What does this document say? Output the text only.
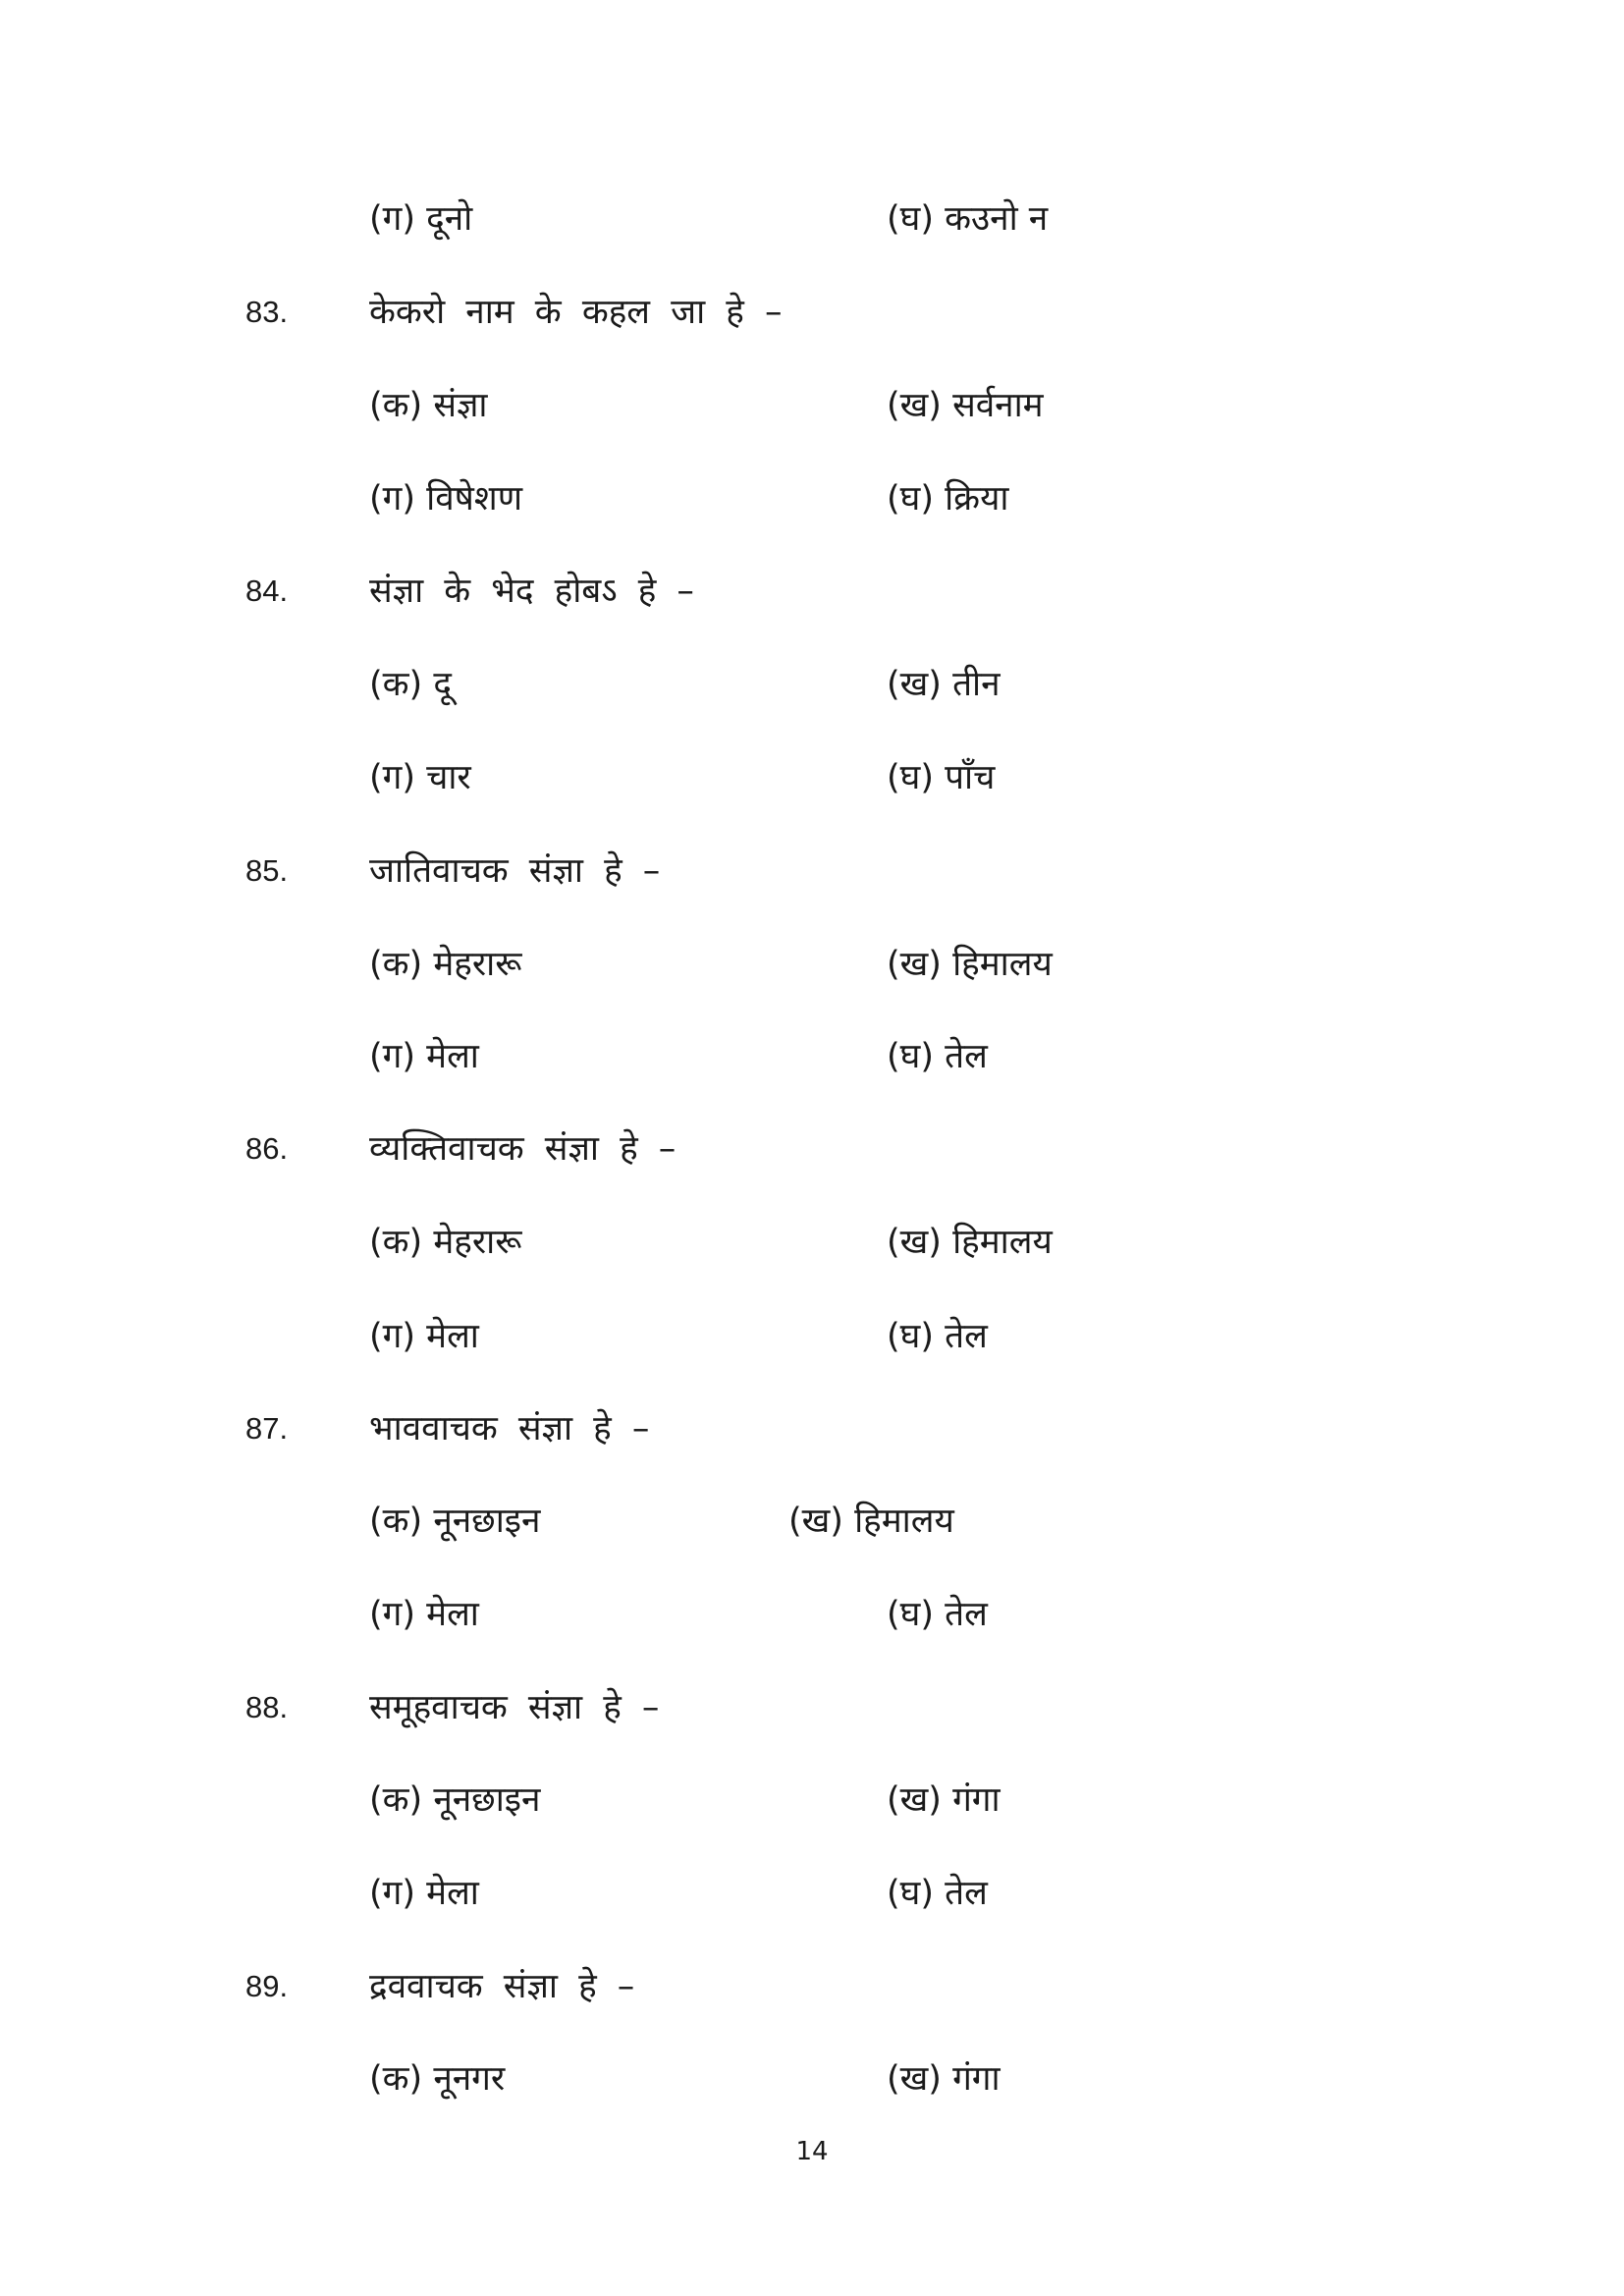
(ग) दूनो	(घ) कउनो न
83. केकरो नाम के कहल जा हे –
(क) संज्ञा	(ख) सर्वनाम
(ग) विषेशण	(घ) क्रिया
84. संज्ञा के भेद होबऽ हे –
(क) दू	(ख) तीन
(ग) चार	(घ) पाँच
85. जातिवाचक संज्ञा हे –
(क) मेहरारू	(ख) हिमालय
(ग) मेला	(घ) तेल
86. व्यक्तिवाचक संज्ञा हे –
(क) मेहरारू	(ख) हिमालय
(ग) मेला	(घ) तेल
87. भाववाचक संज्ञा हे –
(क) नूनछाइन	(ख) हिमालय
(ग) मेला	(घ) तेल
88. समूहवाचक संज्ञा हे –
(क) नूनछाइन	(ख) गंगा
(ग) मेला	(घ) तेल
89. द्रववाचक संज्ञा हे –
(क) नूनगर	(ख) गंगा
14
